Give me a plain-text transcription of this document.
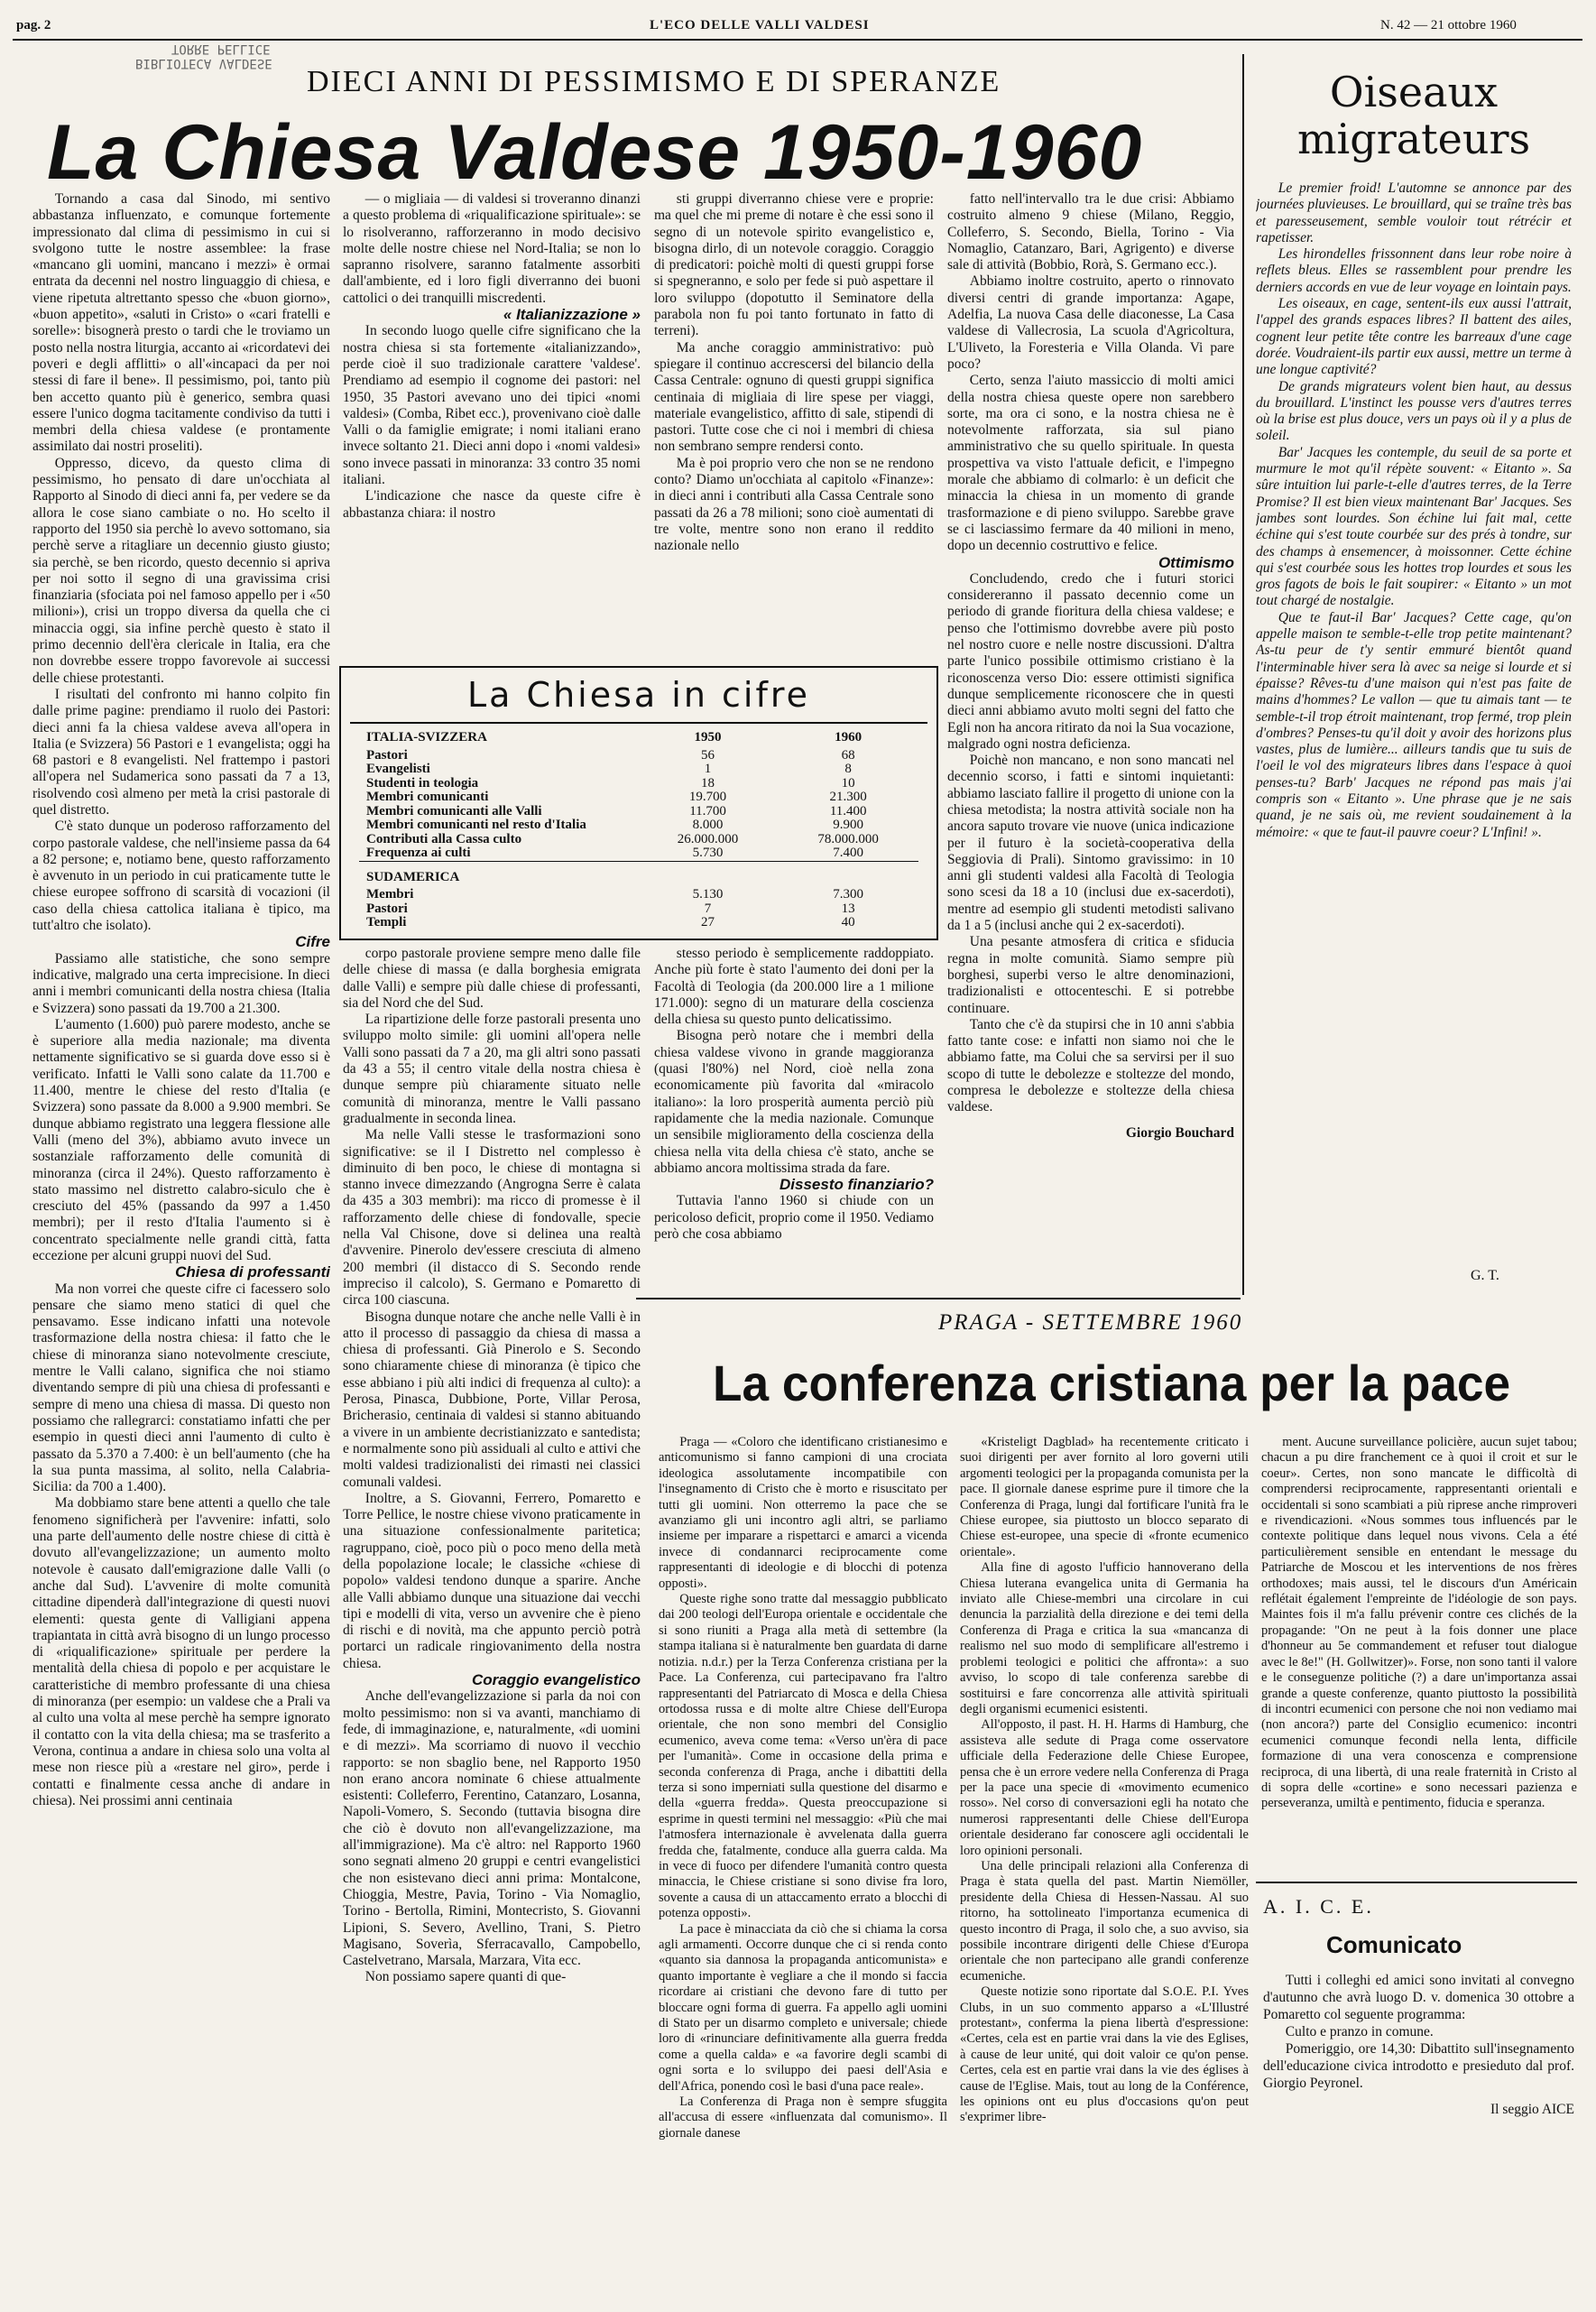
pag. 2	L'ECO DELLE VALLI VALDESI	N. 42 — 21 ottobre 1960
BIBLIOTECA VALDESE
TORRE PELLICE
DIECI ANNI DI PESSIMISMO E DI SPERANZE
La Chiesa Valdese 1950-1960

Tornando a casa dal Sinodo, mi sentivo abbastanza influenzato, e comunque fortemente impressionato dal clima di pessimismo in cui si svolgono tutte le nostre assemblee: la frase «mancano gli uomini, mancano i mezzi» è ormai entrata da decenni nel nostro linguaggio di chiesa, e viene ripetuta altrettanto spesso che «buon giorno», «buon appetito», «saluti in Cristo» o «cari fratelli e sorelle»: bisognerà presto o tardi che le troviamo un posto nella nostra liturgia, accanto ai «ricordatevi dei poveri e degli afflitti» o all'«incapaci da per noi stessi di fare il bene». Il pessimismo, poi, tanto più ben accetto quanto più è generico, sembra quasi essere l'unico dogma tacitamente condiviso da tutti i membri della chiesa valdese (e prontamente assimilato dai nostri proseliti).

Oppresso, dicevo, da questo clima di pessimismo, ho pensato di dare un'occhiata al Rapporto al Sinodo di dieci anni fa, per vedere se da allora le cose siano cambiate o no. Ho scelto il rapporto del 1950 sia perchè lo avevo sottomano, sia perchè serve a ritagliare un decennio giusto giusto; sia perchè, se ben ricordo, questo decennio si apriva per noi sotto il segno di una gravissima crisi finanziaria (sfociata poi nel famoso appello per i «50 milioni»), crisi un troppo diversa da quella che ci minaccia oggi, sia infine perchè questo è stato il primo decennio dell'èra clericale in Italia, era che non dovrebbe essere troppo favorevole ai successi delle chiese protestanti.

I risultati del confronto mi hanno colpito fin dalle prime pagine: prendiamo il ruolo dei Pastori: dieci anni fa la chiesa valdese aveva all'opera in Italia (e Svizzera) 56 Pastori e 1 evangelista; oggi ha 68 pastori e 8 evangelisti. Nel frattempo i pastori all'opera nel Sudamerica sono passati da 7 a 13, risolvendo così almeno per metà la crisi pastorale di quel distretto.

C'è stato dunque un poderoso rafforzamento del corpo pastorale valdese, che nell'insieme passa da 64 a 82 persone; e, notiamo bene, questo rafforzamento è avvenuto in un periodo in cui praticamente tutte le chiese europee soffrono di scarsità di vocazioni (il caso della chiesa cattolica italiana è tipico, ma tutt'altro che isolato).

Cifre

Passiamo alle statistiche, che sono sempre indicative, malgrado una certa imprecisione. In dieci anni i membri comunicanti della nostra chiesa (Italia e Svizzera) sono passati da 19.700 a 21.300.

L'aumento (1.600) può parere modesto, anche se è superiore alla media nazionale; ma diventa nettamente significativo se si guarda dove esso si è verificato. Infatti le Valli sono calate da 11.700 e 11.400, mentre le chiese del resto d'Italia (e Svizzera) sono passate da 8.000 a 9.900 membri. Se dunque abbiamo registrato una leggera flessione alle Valli (meno del 3%), abbiamo avuto invece un sostanziale rafforzamento delle comunità di minoranza (circa il 24%). Questo rafforzamento è stato massimo nel distretto calabro-siculo che è cresciuto del 45% (passando da 997 a 1.450 membri); per il resto d'Italia l'aumento si è concentrato specialmente nelle grandi città, fatta eccezione per alcuni gruppi nuovi del Sud.

Chiesa di professanti

Ma non vorrei che queste cifre ci facessero solo pensare che siamo meno statici di quel che pensavamo. Esse indicano infatti una notevole trasformazione della nostra chiesa: il fatto che le chiese di minoranza siano notevolmente cresciute, mentre le Valli calano, significa che noi stiamo diventando sempre di più una chiesa di professanti e sempre di meno una chiesa di massa. Di questo non possiamo che rallegrarci: constatiamo infatti che per esempio in questi dieci anni l'aumento di culto è passato da 5.370 a 7.400: è un bell'aumento (che ha la sua punta massima, al solito, nella Calabria-Sicilia: da 700 a 1.400).

Ma dobbiamo stare bene attenti a quello che tale fenomeno significherà per l'avvenire: infatti, solo una parte dell'aumento delle nostre chiese di città è dovuto all'evangelizzazione; un aumento molto notevole è causato dall'emigrazione dalle Valli (o anche dal Sud). L'avvenire di molte comunità cittadine dipenderà dall'integrazione di questi nuovi elementi: questa gente di Valligiani appena trapiantata in città avrà bisogno di un lungo processo di «riqualificazione» spirituale per perdere la mentalità della chiesa di popolo e per acquistare le caratteristiche di membro professante di una chiesa di minoranza (per esempio: un valdese che a Prali va al culto una volta al mese perchè ha sempre ignorato il contatto con la vita della chiesa; ma se trasferito a Verona, continua a andare in chiesa solo una volta al mese non riesce più a «restare nel giro», perde i contatti e finalmente cessa anche di andare in chiesa). Nei prossimi anni centinaia

— o migliaia — di valdesi si troveranno dinanzi a questo problema di «riqualificazione spirituale»: se lo risolveranno, rafforzeranno in modo decisivo molte delle nostre chiese nel Nord-Italia; se non lo sapranno risolvere, saranno fatalmente assorbiti dall'ambiente, ed i loro figli diverranno dei buoni cattolici o dei tranquilli miscredenti.

« Italianizzazione »

In secondo luogo quelle cifre significano che la nostra chiesa si sta fortemente «italianizzando», perde cioè il suo tradizionale carattere 'valdese'. Prendiamo ad esempio il cognome dei pastori: nel 1950, 35 Pastori avevano uno dei tipici «nomi valdesi» (Comba, Ribet ecc.), provenivano cioè dalle Valli o da famiglie emigrate; i nomi italiani erano invece soltanto 21. Dieci anni dopo i «nomi valdesi» sono invece passati in minoranza: 33 contro 35 nomi italiani.

L'indicazione che nasce da queste cifre è abbastanza chiara: il nostro

sti gruppi diverranno chiese vere e proprie: ma quel che mi preme di notare è che essi sono il segno di un notevole spirito evangelistico e, bisogna dirlo, di un notevole coraggio. Coraggio di predicatori: poichè molti di questi gruppi forse si spegneranno, e solo per fede si può aspettare il loro sviluppo (dopotutto il Seminatore della parabola non fu poi tanto fortunato in fatto di terreni).

Ma anche coraggio amministrativo: può spiegare il continuo accrescersi del bilancio della Cassa Centrale: ognuno di questi gruppi significa centinaia di migliaia di lire spese per viaggi, materiale evangelistico, affitto di sale, stipendi di pastori. Tutte cose che ci noi i membri di chiesa non sembrano sempre rendersi conto.

Ma è poi proprio vero che non se ne rendono conto? Diamo un'occhiata al capitolo «Finanze»: in dieci anni i contributi alla Cassa Centrale sono passati da 26 a 78 milioni; sono cioè aumentati di tre volte, mentre sono non erano il reddito nazionale nello

fatto nell'intervallo tra le due crisi: Abbiamo costruito almeno 9 chiese (Milano, Reggio, Colleferro, S. Secondo, Biella, Torino - Via Nomaglio, Catanzaro, Bari, Agrigento) e diverse sale di attività (Bobbio, Rorà, S. Germano ecc.).

Abbiamo inoltre costruito, aperto o rinnovato diversi centri di grande importanza: Agape, Adelfia, La nuova Casa delle diaconesse, La Casa valdese di Vallecrosia, La scuola d'Agricoltura, L'Uliveto, la Foresteria e Villa Olanda. Vi pare poco?

Certo, senza l'aiuto massiccio di molti amici della nostra chiesa queste opere non sarebbero sorte, ma ora ci sono, e la nostra chiesa ne è notevolmente rafforzata, sia sul piano amministrativo che su quello spirituale. In questa prospettiva va visto l'attuale deficit, e l'impegno morale che abbiamo di colmarlo: è un deficit che minaccia la chiesa in un momento di grande trasformazione e di pieno sviluppo. Sarebbe grave se ci lasciassimo fermare da 40 milioni in meno, dopo un decennio costruttivo e felice.

Ottimismo

Concludendo, credo che i futuri storici considereranno il passato decennio come un periodo di grande fioritura della chiesa valdese; e penso che l'ottimismo dovrebbe avere più posto nel nostro cuore e nelle nostre discussioni. D'altra parte l'unico possibile ottimismo cristiano è la riconoscenza verso Dio: essere ottimisti significa dunque semplicemente riconoscere che in questi dieci anni abbiamo avuto molti segni del fatto che Egli non ha ancora ritirato da noi la Sua vocazione, malgrado ogni nostra deficienza.

Poichè non mancano, e non sono mancati nel decennio scorso, i fatti e sintomi inquietanti: abbiamo lasciato fallire il progetto di unione con la chiesa metodista; la nostra attività sociale non ha ancora saputo trovare vie nuove (unica indicazione per il futuro è la società-cooperativa della Seggiovia di Prali). Sintomo gravissimo: in 10 anni gli studenti valdesi alla Facoltà di Teologia sono scesi da 18 a 10 (inclusi due ex-sacerdoti), mentre ad esempio gli studenti metodisti salivano da 1 a 5 (inclusi anche qui 2 ex-sacerdoti).

Una pesante atmosfera di critica e sfiducia regna in molte comunità. Siamo sempre più borghesi, superbi verso le altre denominazioni, tradizionalisti e ottocenteschi. E si potrebbe continuare.

Tanto che c'è da stupirsi che in 10 anni s'abbia fatto tante cose: e infatti non siamo noi che le abbiamo fatte, ma Colui che sa servirsi per il suo scopo di tutte le debolezze e stoltezze del mondo, compresa le debolezze e stoltezze della chiesa valdese.

Giorgio Bouchard

La Chiesa in cifre
ITALIA-SVIZZERA	1950	1960
Pastori	56	68
Evangelisti	1	8
Studenti in teologia	18	10
Membri comunicanti	19.700	21.300
Membri comunicanti alle Valli	11.700	11.400
Membri comunicanti nel resto d'Italia	8.000	9.900
Contributi alla Cassa culto	26.000.000	78.000.000
Frequenza ai culti	5.730	7.400

SUDAMERICA		
Membri	5.130	7.300
Pastori	7	13
Templi	27	40

corpo pastorale proviene sempre meno dalle file delle chiese di massa (e dalla borghesia emigrata dalle Valli) e sempre più dalle chiese di professanti, sia del Nord che del Sud.

La ripartizione delle forze pastorali presenta uno sviluppo molto simile: gli uomini all'opera nelle Valli sono passati da 7 a 20, ma gli altri sono passati da 43 a 55; il centro vitale della nostra chiesa è dunque sempre più chiaramente situato nelle comunità di minoranza, mentre le Valli passano gradualmente in seconda linea.

Ma nelle Valli stesse le trasformazioni sono significative: se il I Distretto nel complesso è diminuito di ben poco, le chiese di montagna si stanno invece dimezzando (Angrogna Serre è calata da 435 a 303 membri): ma ricco di promesse è il rafforzamento delle chiese di fondovalle, specie nella Val Chisone, dove si delinea una realtà d'avvenire. Pinerolo dev'essere cresciuta di almeno 200 membri (il distacco di S. Secondo rende impreciso il calcolo), S. Germano e Pomaretto di circa 100 ciascuna.

Bisogna dunque notare che anche nelle Valli è in atto il processo di passaggio da chiesa di massa a chiesa di professanti. Già Pinerolo e S. Secondo sono chiaramente chiese di minoranza (è tipico che esse abbiano i più alti indici di frequenza al culto): a Perosa, Pinasca, Dubbione, Porte, Villar Perosa, Bricherasio, centinaia di valdesi si stanno abituando a vivere in un ambiente decristianizzato e santedista; e normalmente sono più assiduali al culto e attivi che molti valdesi tradizionalisti dei rimasti nei classici comunali valdesi.

Inoltre, a S. Giovanni, Ferrero, Pomaretto e Torre Pellice, le nostre chiese vivono praticamente in una situazione confessionalmente paritetica; ragruppano, cioè, poco più o poco meno della metà della popolazione locale; le classiche «chiese di popolo» valdesi tendono dunque a sparire. Anche alle Valli abbiamo dunque una situazione dai vecchi tipi e modelli di vita, verso un avvenire che è pieno di rischi e di novità, ma che appunto perciò potrà portarci un radicale ringiovanimento della nostra chiesa.

Coraggio evangelistico

Anche dell'evangelizzazione si parla da noi con molto pessimismo: non si va avanti, manchiamo di fede, di immaginazione, e, naturalmente, «di uomini e di mezzi». Ma scorriamo di nuovo il vecchio rapporto: se non sbaglio bene, nel Rapporto 1950 non erano ancora nominate 6 chiese attualmente esistenti: Colleferro, Ferentino, Catanzaro, Losanna, Napoli-Vomero, S. Secondo (tuttavia bisogna dire che ciò è dovuto non all'evangelizzazione, ma all'immigrazione). Ma c'è altro: nel Rapporto 1960 sono segnati almeno 20 gruppi e centri evangelistici che non esistevano dieci anni prima: Montalcone, Chioggia, Mestre, Pavia, Torino - Via Nomaglio, Torino - Bertolla, Rimini, Montecristo, S. Giovanni Lipioni, S. Severo, Avellino, Trani, S. Pietro Magisano, Soverìa, Sferracavallo, Campobello, Castelvetrano, Marsala, Marzara, Vita ecc.

Non possiamo sapere quanti di que-

stesso periodo è semplicemente raddoppiato. Anche più forte è stato l'aumento dei doni per la Facoltà di Teologia (da 200.000 lire a 1 milione 171.000): segno di un maturare della coscienza della chiesa su questo punto delicatissimo.

Bisogna però notare che i membri della chiesa valdese vivono in grande maggioranza (quasi l'80%) nel Nord, cioè nella zona economicamente più favorita dal «miracolo italiano»: la loro prosperità aumenta perciò più rapidamente che la media nazionale. Comunque un sensibile miglioramento della coscienza della chiesa nella vita della chiesa c'è stato, anche se abbiamo ancora moltissima strada da fare.

Dissesto finanziario?

Tuttavia l'anno 1960 si chiude con un pericoloso deficit, proprio come il 1950. Vediamo però che cosa abbiamo

Oiseaux migrateurs

Le premier froid! L'automne se annonce par des journées pluvieuses. Le brouillard, qui se traîne très bas et paresseusement, semble vouloir tout rétrécir et rapetisser.

Les hirondelles frissonnent dans leur robe noire à reflets bleus. Elles se rassemblent pour prendre les derniers accords en vue de leur voyage en lointain pays.

Les oiseaux, en cage, sentent-ils eux aussi l'attrait, l'appel des grands espaces libres? Il battent des ailes, cognent leur petite tête contre les barreaux d'une cage dorée. Voudraient-ils partir eux aussi, mettre un terme à une longue captivité?

De grands migrateurs volent bien haut, au dessus du brouillard. L'instinct les pousse vers d'autres terres où la brise est plus douce, vers un pays où il y a plus de soleil.

Bar' Jacques les contemple, du seuil de sa porte et murmure le mot qu'il répète souvent: « Eitanto ». Sa sûre intuition lui parle-t-elle d'autres terres, de la Terre Promise? Il est bien vieux maintenant Bar' Jacques. Ses jambes sont lourdes. Son échine lui fait mal, cette échine qui s'est toute courbée sur des prés à tondre, sur des champs à ensemencer, à moissonner. Cette échine qui s'est courbée sous les hottes trop lourdes et sous les gros fagots de bois le fait soupirer: « Eitanto » un mot tout chargé de nostalgie.

Que te faut-il Bar' Jacques? Cette cage, qu'on appelle maison te semble-t-elle trop petite maintenant? As-tu peur de t'y sentir emmuré bientôt quand l'interminable hiver sera là avec sa neige si lourde et si épaisse? Rêves-tu d'une maison qui n'est pas faite de mains d'hommes? Le vallon — que tu aimais tant — te semble-t-il trop étroit maintenant, trop fermé, trop plein d'ombres? Penses-tu qu'il doit y avoir des horizons plus vastes, plus de lumière... ailleurs tandis que tu suis de l'oeil le vol des migrateurs libres dans l'espace à quoi penses-tu? Barb' Jacques ne répond pas mais j'ai compris son « Eitanto ». Une phrase que je ne sais quand, je ne sais où, me revient soudainement à la mémoire: « que te faut-il pauvre coeur? L'Infini! ».

G. T.
PRAGA - SETTEMBRE 1960
La conferenza cristiana per la pace

Praga — «Coloro che identificano cristianesimo e anticomunismo si fanno campioni di una crociata ideologica assolutamente incompatibile con l'insegnamento di Cristo che è morto e risuscitato per tutti gli uomini. Non otterremo la pace che se avanziamo gli uni incontro agli altri, se parliamo insieme per imparare a rispettarci e amarci a vicenda invece di condannarci reciprocamente come rappresentanti di ideologie e di blocchi di potenza opposti».

Queste righe sono tratte dal messaggio pubblicato dai 200 teologi dell'Europa orientale e occidentale che si sono riuniti a Praga alla metà di settembre (la stampa italiana si è naturalmente ben guardata di darne notizia. n.d.r.) per la Terza Conferenza cristiana per la Pace. La Conferenza, cui partecipavano fra l'altro rappresentanti del Patriarcato di Mosca e della Chiesa ortodossa russa e di molte altre Chiese dell'Europa orientale, che non sono membri del Consiglio ecumenico, aveva come tema: «Verso un'èra di pace per l'umanità». Come in occasione della prima e seconda conferenza di Praga, anche i dibattiti della terza si sono imperniati sulla questione del disarmo e della «guerra fredda». Questa preoccupazione si esprime in questi termini nel messaggio: «Più che mai l'atmosfera internazionale è avvelenata dalla guerra fredda che, fatalmente, conduce alla guerra calda. Ma in vece di fuoco per difendere l'umanità contro questa minaccia, le Chiese cristiane si sono divise fra loro, sovente a causa di un attaccamento errato a blocchi di potenza opposti».

La pace è minacciata da ciò che si chiama la corsa agli armamenti. Occorre dunque che ci si renda conto «quanto sia dannosa la propaganda anticomunista» e quanto importante è vegliare a che il mondo si faccia ricordare ai cristiani che devono fare di tutto per bloccare ogni forma di guerra. Fa appello agli uomini di Stato per un disarmo completo e universale; chiede loro di «rinunciare definitivamente alla guerra fredda come a quella calda» e «a favorire degli scambi di ogni sorta e lo sviluppo dei paesi dell'Asia e dell'Africa, ponendo così le basi d'una pace reale».

La Conferenza di Praga non è sempre sfuggita all'accusa di essere «influenzata dal comunismo». Il giornale danese

«Kristeligt Dagblad» ha recentemente criticato i suoi dirigenti per aver fornito al loro governi utili argomenti teologici per la propaganda comunista per la pace. Il giornale danese esprime pure il timore che la Conferenza di Praga, lungi dal fortificare l'unità fra le Chiese europee, sia piuttosto un blocco separato di Chiese est-europee, una specie di «fronte ecumenico orientale».

Alla fine di agosto l'ufficio hannoverano della Chiesa luterana evangelica unita di Germania ha inviato alle Chiese-membri una circolare in cui denuncia la parzialità della direzione e dei temi della Conferenza di Praga e critica la sua «mancanza di realismo nel suo modo di semplificare all'estremo i problemi teologici e politici che affronta»: a suo avviso, lo scopo di tale conferenza sarebbe di sostituirsi e fare concorrenza alle attività spirituali degli organismi ecumenici esistenti.

All'opposto, il past. H. H. Harms di Hamburg, che assisteva alle sedute di Praga come osservatore ufficiale della Federazione delle Chiese Europee, pensa che è un errore vedere nella Conferenza di Praga per la pace una specie di «movimento ecumenico rosso». Nel corso di conversazioni egli ha notato che numerosi rappresentanti delle Chiese dell'Europa orientale desiderano far conoscere agli occidentali le loro opinioni personali.

Una delle principali relazioni alla Conferenza di Praga è stata quella del past. Martin Niemöller, presidente della Chiesa di Hessen-Nassau. Al suo ritorno, ha sottolineato l'importanza ecumenica di questo incontro di Praga, il solo che, a suo avviso, sia possibile incontrare dirigenti delle Chiese d'Europa orientale che non partecipano alle grandi conferenze ecumeniche.

Queste notizie sono riportate dal S.O.E. P.I. Yves Clubs, in un suo commento apparso a «L'Illustré protestant», conferma la piena libertà d'espressione: «Certes, cela est en partie vrai dans la vie des Eglises, à cause de leur unité, qui doit valoir ce qu'on pense. Certes, cela est en partie vrai dans la vie des églises à cause de l'Eglise. Mais, tout au long de la Conférence, les opinions ont eu plus d'occasions qu'on peut s'exprimer libre-

ment. Aucune surveillance policière, aucun sujet tabou; chacun a pu dire franchement ce à quoi il croit et sur le coeur». Certes, non sono mancate le difficoltà di comprendersi reciprocamente, rappresentanti orientali e occidentali si sono scambiati a più riprese anche rimproveri e rivendicazioni. «Nous sommes tous influencés par le contexte politique dans lequel nous vivons. Cela a été particulièrement sensible en entendant le message du Patriarche de Moscou et les interventions de nos frères orthodoxes; mais aussi, tel le discours d'un Américain reflétait également l'empreinte de l'idéologie de son pays. Maintes fois il m'a fallu prévenir contre ces clichés de la propagande: "On ne peut à la fois donner une place d'honneur au 5e commandement et refuser tout dialogue avec le 8e!" (H. Gollwitzer)». Forse, non sono tanti il valore e le conseguenze politiche (?) a dare un'importanza assai grande a queste conferenze, quanto piuttosto la possibilità di incontri ecumenici con persone che noi non vediamo mai (non ancora?) parte del Consiglio ecumenico: incontri ecumenici comunque fecondi nella lenta, difficile formazione di una vera conoscenza e comprensione reciproca, di una libertà, di una reale fraternità in Cristo al di sopra delle «cortine» e sono necessari pazienza e perseveranza, umiltà e pentimento, fiducia e speranza.

A. I. C. E.
Comunicato

Tutti i colleghi ed amici sono invitati al convegno d'autunno che avrà luogo D. v. domenica 30 ottobre a Pomaretto col seguente programma:

Culto e pranzo in comune.

Pomeriggio, ore 14,30: Dibattito sull'insegnamento dell'educazione civica introdotto e presieduto dal prof. Giorgio Peyronel.

Il seggio AICE
